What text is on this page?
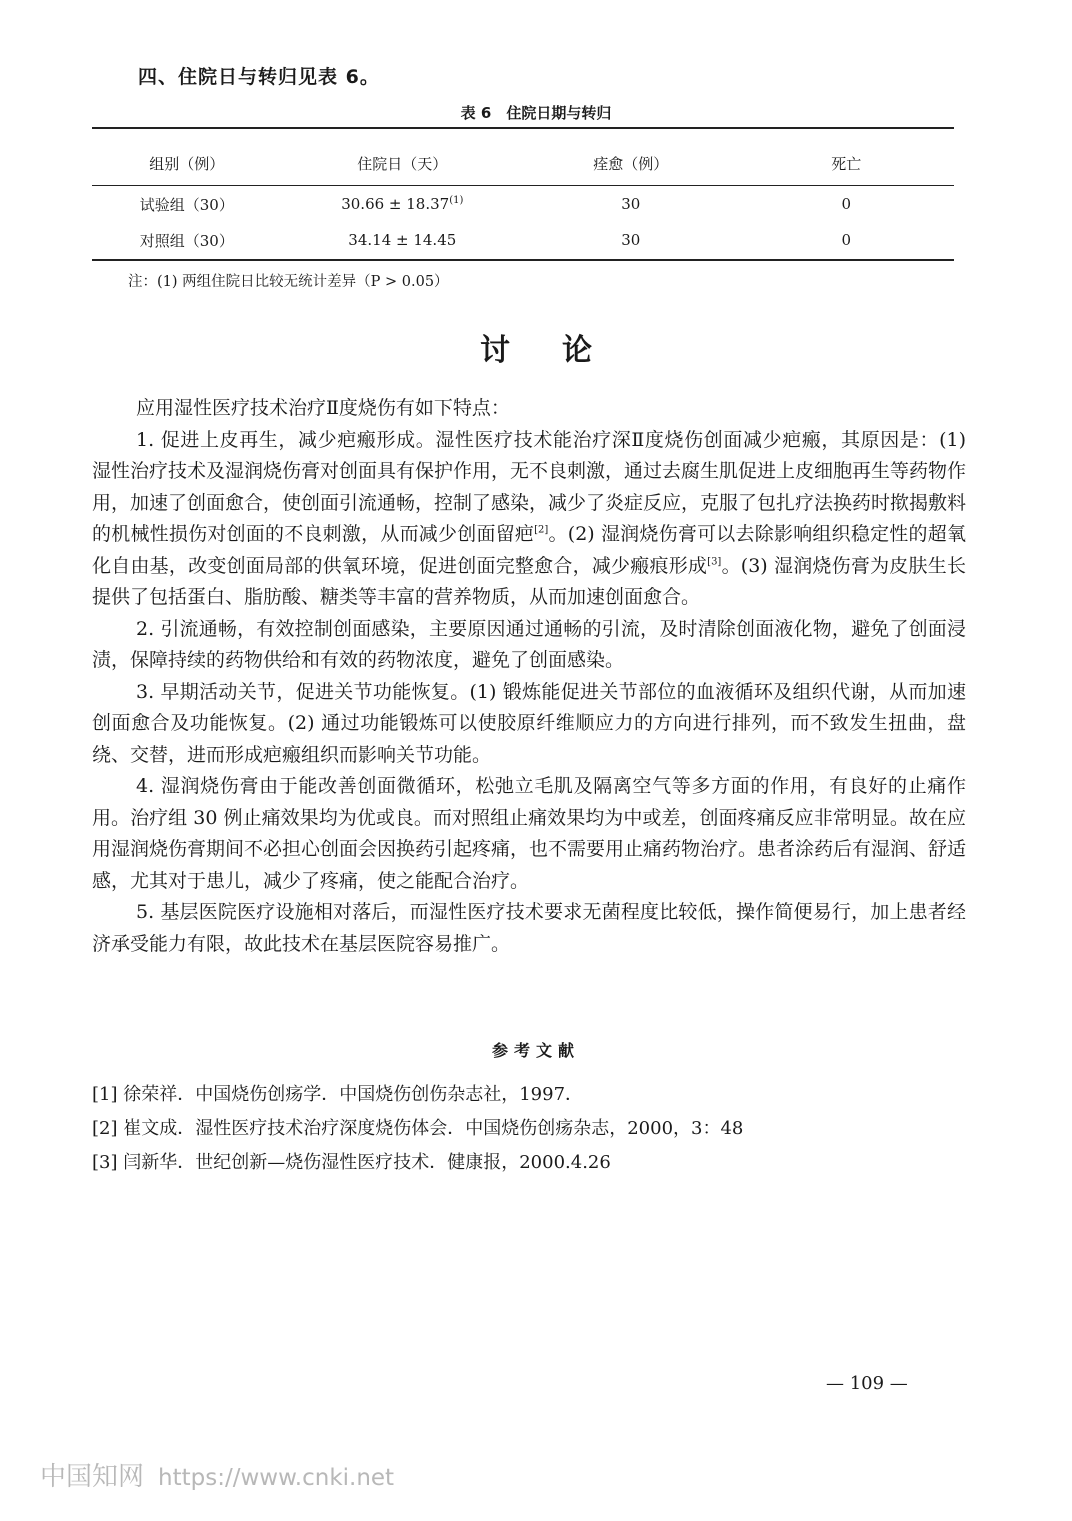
四、住院日与转归见表 6。
表 6　住院日期与转归
组别（例）	住院日（天）	痊愈（例）	死亡
试验组（30）	$30.66 \pm 18.37^{(1)}$	30	0
对照组（30）	34.14 ± 14.45	30	0
注：(1) 两组住院日比较无统计差异（P > 0.05）
讨论

应用湿性医疗技术治疗Ⅱ度烧伤有如下特点：

1. 促进上皮再生，减少疤瘢形成。湿性医疗技术能治疗深Ⅱ度烧伤创面减少疤瘢，其原因是：(1) 湿性治疗技术及湿润烧伤膏对创面具有保护作用，无不良刺激，通过去腐生肌促进上皮细胞再生等药物作用，加速了创面愈合，使创面引流通畅，控制了感染，减少了炎症反应，克服了包扎疗法换药时揿揭敷料的机械性损伤对创面的不良刺激，从而减少创面留疤[2]。(2) 湿润烧伤膏可以去除影响组织稳定性的超氧化自由基，改变创面局部的供氧环境，促进创面完整愈合，减少瘢痕形成[3]。(3) 湿润烧伤膏为皮肤生长提供了包括蛋白、脂肪酸、糖类等丰富的营养物质，从而加速创面愈合。

2. 引流通畅，有效控制创面感染，主要原因通过通畅的引流，及时清除创面液化物，避免了创面浸渍，保障持续的药物供给和有效的药物浓度，避免了创面感染。

3. 早期活动关节，促进关节功能恢复。(1) 锻炼能促进关节部位的血液循环及组织代谢，从而加速创面愈合及功能恢复。(2) 通过功能锻炼可以使胶原纤维顺应力的方向进行排列，而不致发生扭曲，盘绕、交替，进而形成疤瘢组织而影响关节功能。

4. 湿润烧伤膏由于能改善创面微循环，松弛立毛肌及隔离空气等多方面的作用，有良好的止痛作用。治疗组 30 例止痛效果均为优或良。而对照组止痛效果均为中或差，创面疼痛反应非常明显。故在应用湿润烧伤膏期间不必担心创面会因换药引起疼痛，也不需要用止痛药物治疗。患者涂药后有湿润、舒适感，尤其对于患儿，减少了疼痛，使之能配合治疗。

5. 基层医院医疗设施相对落后，而湿性医疗技术要求无菌程度比较低，操作简便易行，加上患者经济承受能力有限，故此技术在基层医院容易推广。

参考文献
[1] 徐荣祥．中国烧伤创疡学．中国烧伤创伤杂志社，1997．
[2] 崔文成．湿性医疗技术治疗深度烧伤体会．中国烧伤创疡杂志，2000，3：48
[3] 闫新华．世纪创新—烧伤湿性医疗技术．健康报，2000.4.26
— 109 —
中国知网 https://www.cnki.net
